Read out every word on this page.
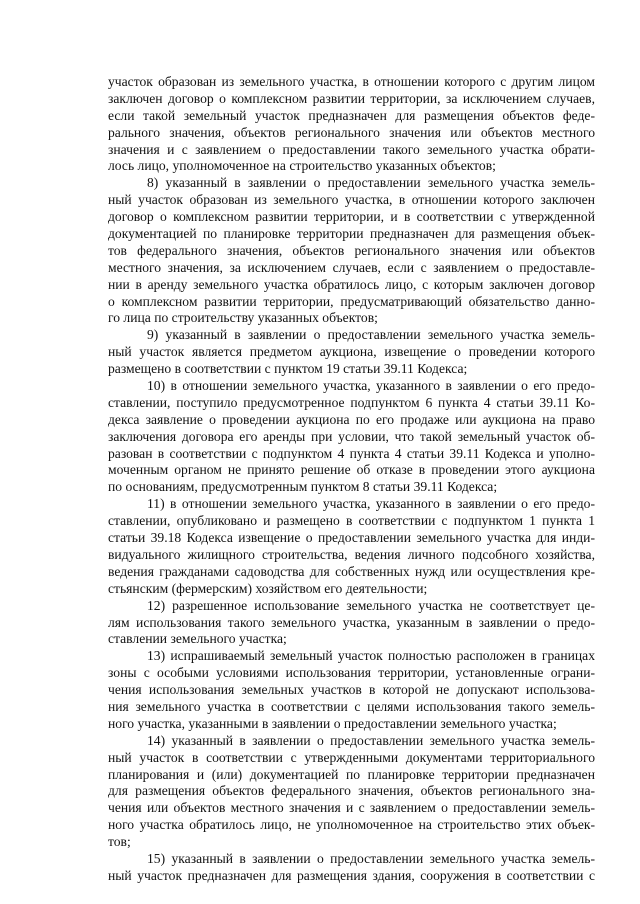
участок образован из земельного участка, в отношении которого с другим лицом
заключен договор о комплексном развитии территории, за исключением случаев,
если такой земельный участок предназначен для размещения объектов феде-
рального значения, объектов регионального значения или объектов местного
значения и с заявлением о предоставлении такого земельного участка обрати-
лось лицо, уполномоченное на строительство указанных объектов;
8) указанный в заявлении о предоставлении земельного участка земель-
ный участок образован из земельного участка, в отношении которого заключен
договор о комплексном развитии территории, и в соответствии с утвержденной
документацией по планировке территории предназначен для размещения объек-
тов федерального значения, объектов регионального значения или объектов
местного значения, за исключением случаев, если с заявлением о предоставле-
нии в аренду земельного участка обратилось лицо, с которым заключен договор
о комплексном развитии территории, предусматривающий обязательство данно-
го лица по строительству указанных объектов;
9) указанный в заявлении о предоставлении земельного участка земель-
ный участок является предметом аукциона, извещение о проведении которого
размещено в соответствии с пунктом 19 статьи 39.11 Кодекса;
10) в отношении земельного участка, указанного в заявлении о его предо-
ставлении, поступило предусмотренное подпунктом 6 пункта 4 статьи 39.11 Ко-
декса заявление о проведении аукциона по его продаже или аукциона на право
заключения договора его аренды при условии, что такой земельный участок об-
разован в соответствии с подпунктом 4 пункта 4 статьи 39.11 Кодекса и уполно-
моченным органом не принято решение об отказе в проведении этого аукциона
по основаниям, предусмотренным пунктом 8 статьи 39.11 Кодекса;
11) в отношении земельного участка, указанного в заявлении о его предо-
ставлении, опубликовано и размещено в соответствии с подпунктом 1 пункта 1
статьи 39.18 Кодекса извещение о предоставлении земельного участка для инди-
видуального жилищного строительства, ведения личного подсобного хозяйства,
ведения гражданами садоводства для собственных нужд или осуществления кре-
стьянским (фермерским) хозяйством его деятельности;
12) разрешенное использование земельного участка не соответствует це-
лям использования такого земельного участка, указанным в заявлении о предо-
ставлении земельного участка;
13) испрашиваемый земельный участок полностью расположен в границах
зоны с особыми условиями использования территории, установленные ограни-
чения использования земельных участков в которой не допускают использова-
ния земельного участка в соответствии с целями использования такого земель-
ного участка, указанными в заявлении о предоставлении земельного участка;
14) указанный в заявлении о предоставлении земельного участка земель-
ный участок в соответствии с утвержденными документами территориального
планирования и (или) документацией по планировке территории предназначен
для размещения объектов федерального значения, объектов регионального зна-
чения или объектов местного значения и с заявлением о предоставлении земель-
ного участка обратилось лицо, не уполномоченное на строительство этих объек-
тов;
15) указанный в заявлении о предоставлении земельного участка земель-
ный участок предназначен для размещения здания, сооружения в соответствии с
